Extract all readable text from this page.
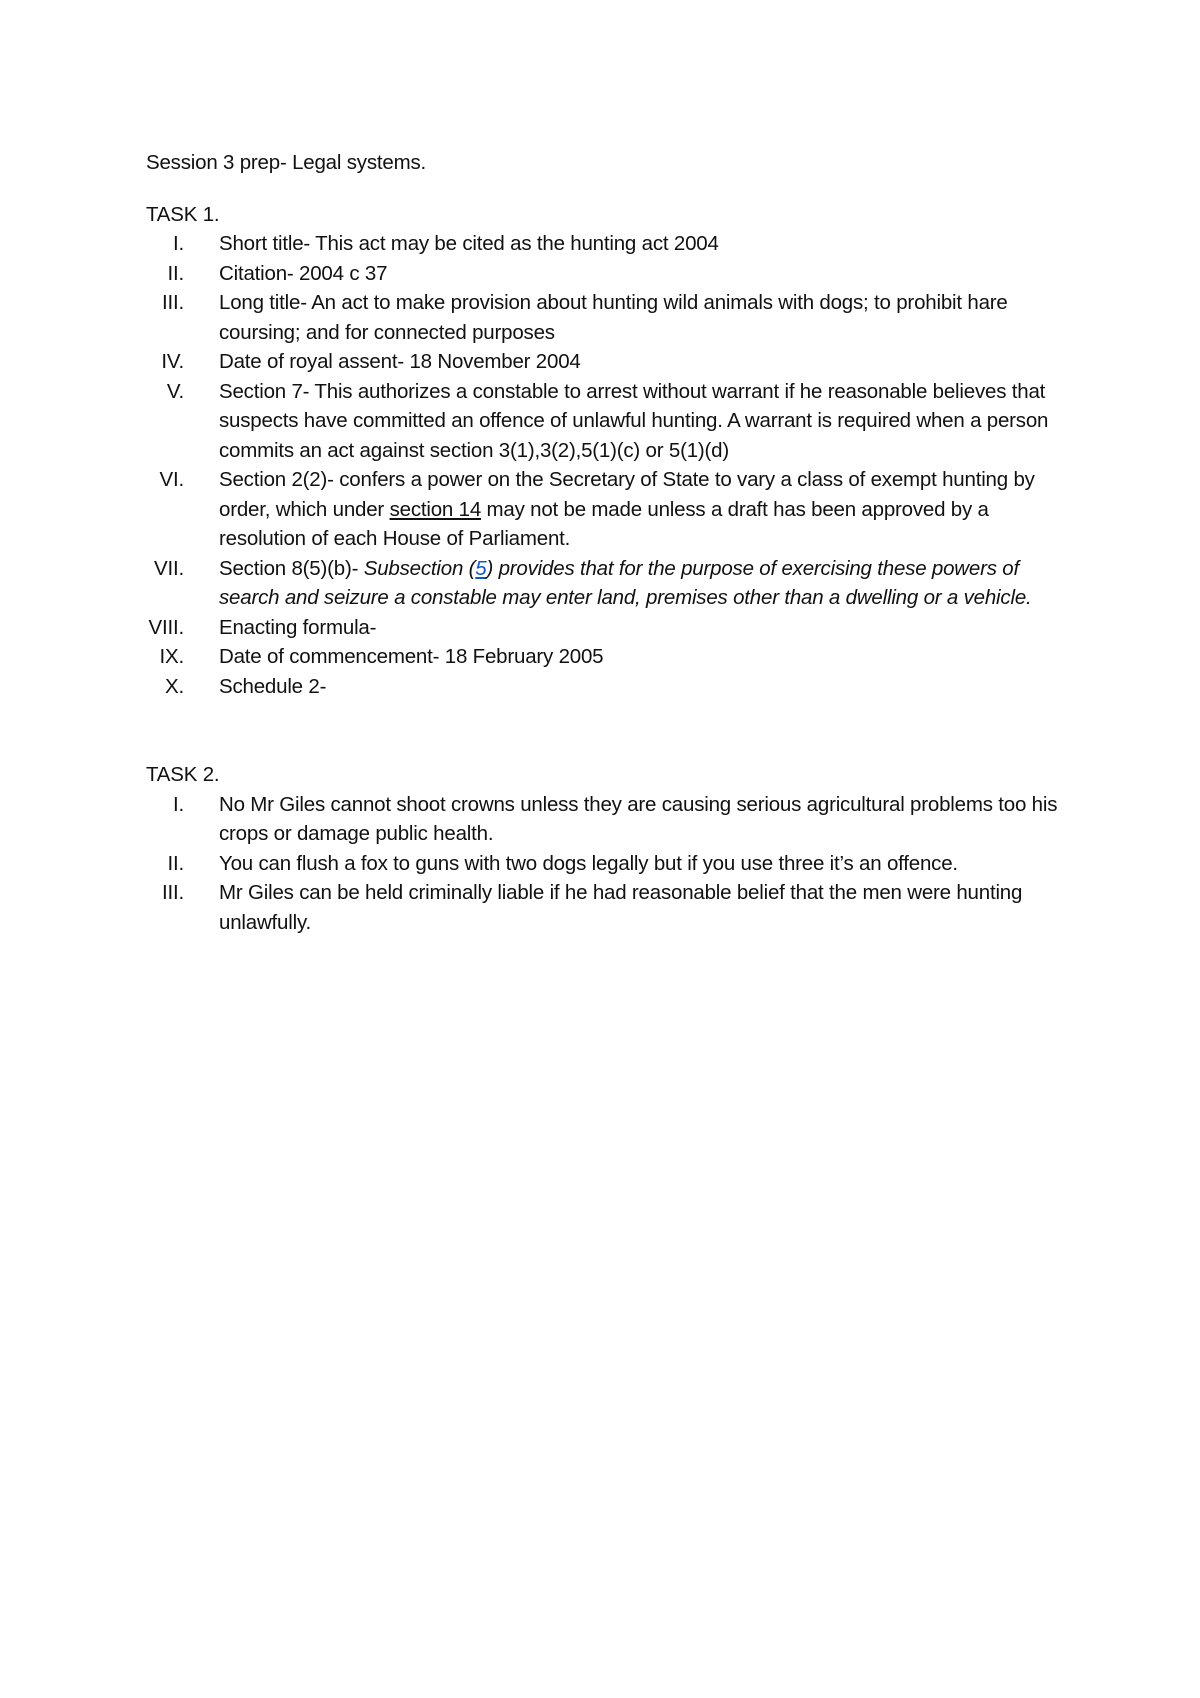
Session 3 prep- Legal systems.

TASK 1.

I. Short title- This act may be cited as the hunting act 2004
II. Citation- 2004 c 37
III. Long title- An act to make provision about hunting wild animals with dogs; to prohibit hare coursing; and for connected purposes
IV. Date of royal assent- 18 November 2004
V. Section 7- This authorizes a constable to arrest without warrant if he reasonable believes that suspects have committed an offence of unlawful hunting. A warrant is required when a person commits an act against section 3(1),3(2),5(1)(c) or 5(1)(d)
VI. Section 2(2)- confers a power on the Secretary of State to vary a class of exempt hunting by order, which under section 14 may not be made unless a draft has been approved by a resolution of each House of Parliament.
VII. Section 8(5)(b)- Subsection (5) provides that for the purpose of exercising these powers of search and seizure a constable may enter land, premises other than a dwelling or a vehicle.
VIII. Enacting formula-
IX. Date of commencement- 18 February 2005
X. Schedule 2-

TASK 2.

I. No Mr Giles cannot shoot crowns unless they are causing serious agricultural problems too his crops or damage public health.
II. You can flush a fox to guns with two dogs legally but if you use three it’s an offence.
III. Mr Giles can be held criminally liable if he had reasonable belief that the men were hunting unlawfully.
